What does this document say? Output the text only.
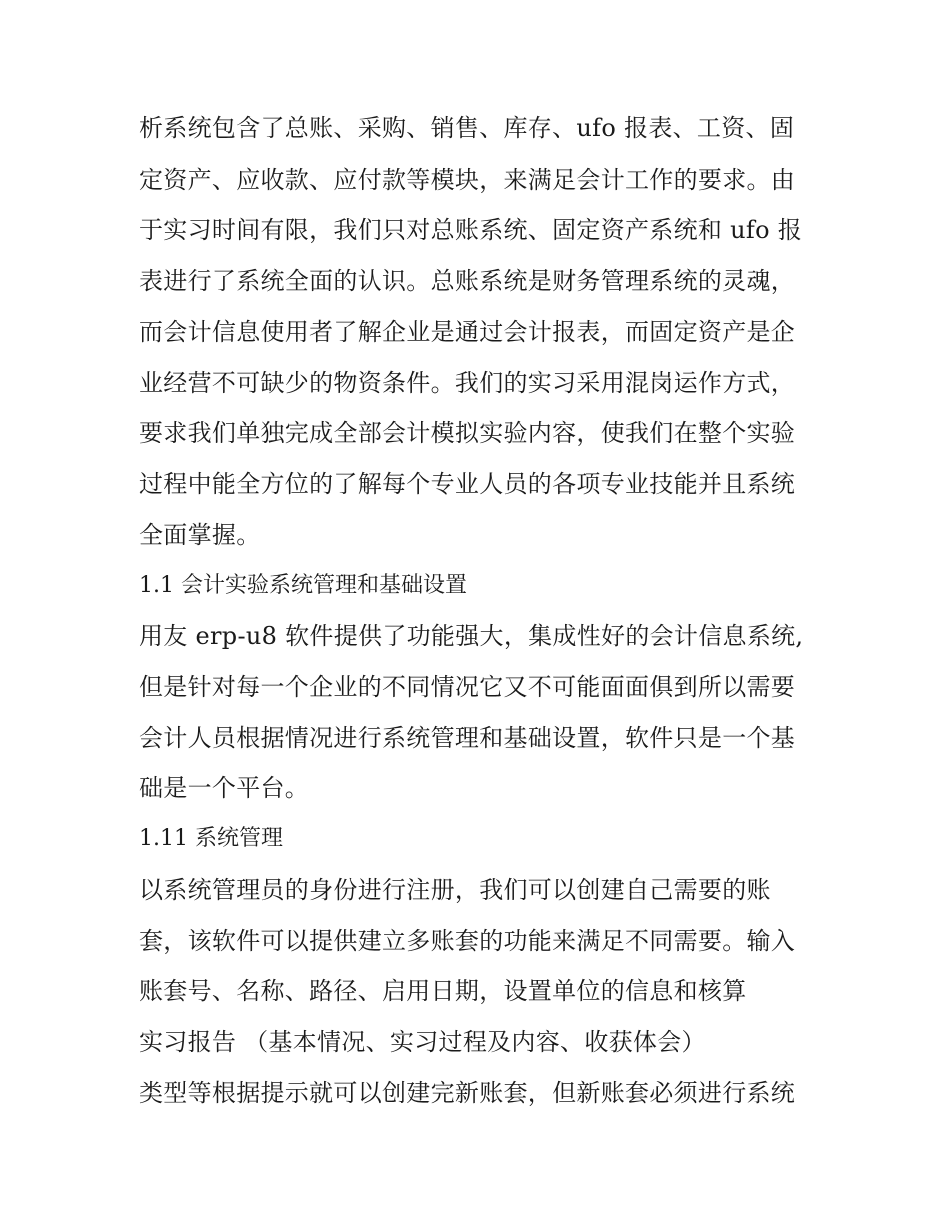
析系统包含了总账、采购、销售、库存、ufo 报表、工资、固
定资产、应收款、应付款等模块，来满足会计工作的要求。由
于实习时间有限，我们只对总账系统、固定资产系统和 ufo 报
表进行了系统全面的认识。总账系统是财务管理系统的灵魂，
而会计信息使用者了解企业是通过会计报表，而固定资产是企
业经营不可缺少的物资条件。我们的实习采用混岗运作方式，
要求我们单独完成全部会计模拟实验内容，使我们在整个实验
过程中能全方位的了解每个专业人员的各项专业技能并且系统
全面掌握。
1.1 会计实验系统管理和基础设置
用友 erp-u8 软件提供了功能强大，集成性好的会计信息系统,
但是针对每一个企业的不同情况它又不可能面面俱到所以需要
会计人员根据情况进行系统管理和基础设置，软件只是一个基
础是一个平台。
1.11 系统管理
以系统管理员的身份进行注册，我们可以创建自己需要的账
套，该软件可以提供建立多账套的功能来满足不同需要。输入
账套号、名称、路径、启用日期，设置单位的信息和核算
实习报告 （基本情况、实习过程及内容、收获体会）
类型等根据提示就可以创建完新账套，但新账套必须进行系统
